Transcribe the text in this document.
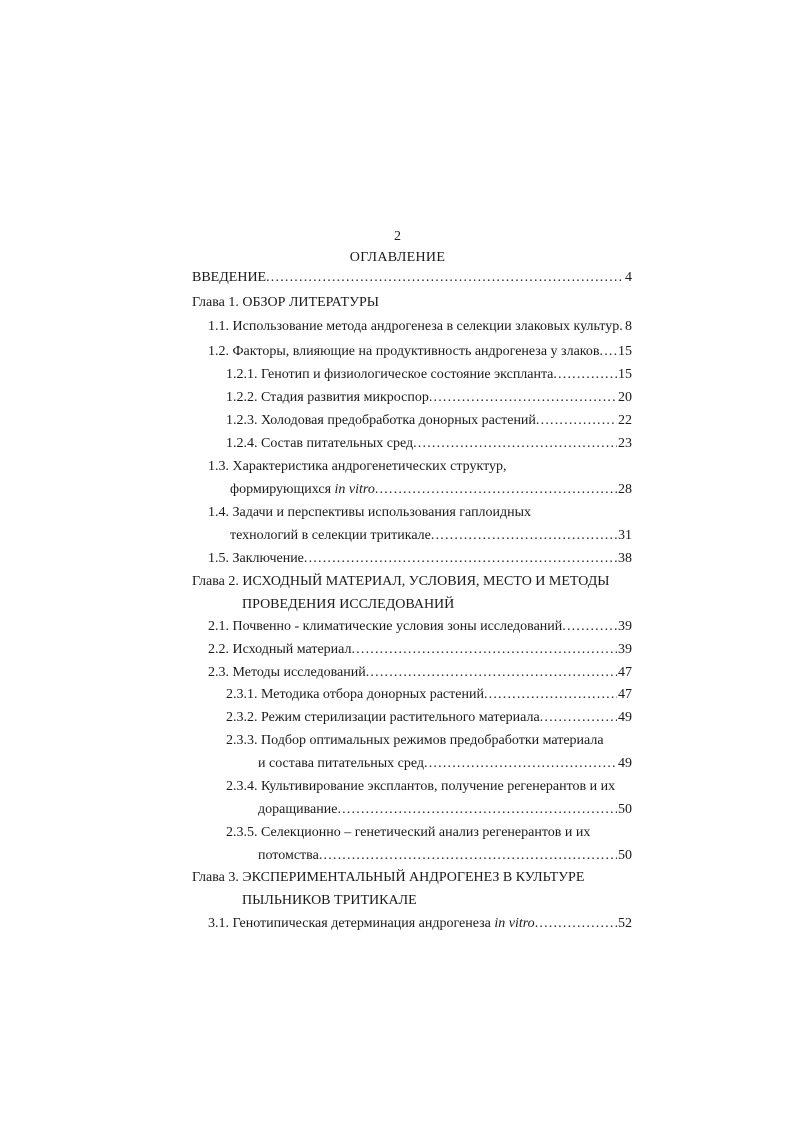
2
ОГЛАВЛЕНИЕ
ВВЕДЕНИЕ .....	4
Глава 1. ОБЗОР ЛИТЕРАТУРЫ
1.1. Использование метода андрогенеза в селекции злаковых культур ..... 8
1.2. Факторы, влияющие на продуктивность андрогенеза у злаков ..... 15
1.2.1. Генотип и физиологическое состояние эксплантa .....	15
1.2.2. Стадия развития микроспор .....	20
1.2.3. Холодовая предобработка донорных растений .....	22
1.2.4. Состав питательных сред .....	23
1.3. Характеристика андрогенетических структур,
формирующихся in vitro .....	28
1.4. Задачи и перспективы использования гаплоидных
технологий в селекции тритикале .....	31
1.5. Заключение .....	38
Глава 2. ИСХОДНЫЙ МАТЕРИАЛ, УСЛОВИЯ, МЕСТО И МЕТОДЫ
ПРОВЕДЕНИЯ ИССЛЕДОВАНИЙ
2.1. Почвенно - климатические условия зоны исследований .....	39
2.2. Исходный материал .....	39
2.3. Методы исследований .....	47
2.3.1. Методика отбора донорных растений .....	47
2.3.2. Режим стерилизации растительного материала .....	49
2.3.3. Подбор оптимальных режимов предобработки материала
и состава питательных сред .....	49
2.3.4. Культивирование эксплантов, получение регенерантов и их
доращивание .....	50
2.3.5. Селекционно – генетический анализ регенерантов и их
потомства .....	50
Глава 3. ЭКСПЕРИМЕНТАЛЬНЫЙ АНДРОГЕНЕЗ В КУЛЬТУРЕ
ПЫЛЬНИКОВ ТРИТИКАЛЕ
3.1. Генотипическая детерминация андрогенеза in vitro .....	52
